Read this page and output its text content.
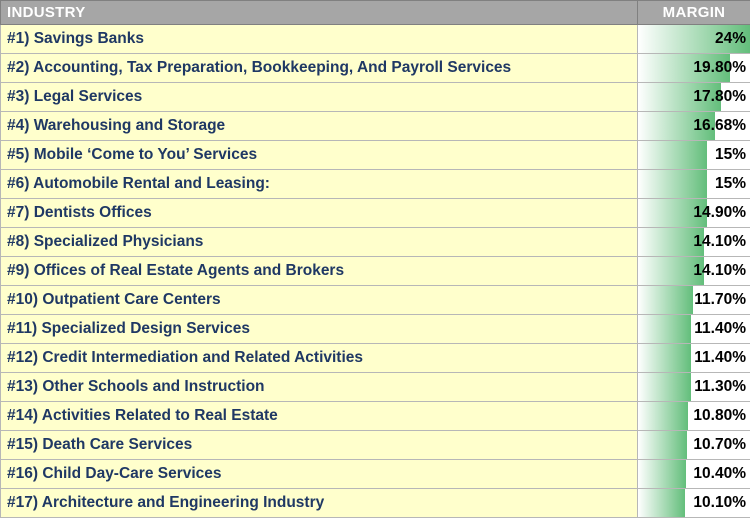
INDUSTRY	MARGIN
#1) Savings Banks	24 %

#2) Accounting, Tax Preparation, Bookkeeping, And Payroll Services	19.80 %

#3) Legal Services	17.80 %

#4) Warehousing and Storage	16.68 %

#5) Mobile ‘Come to You’ Services	15 %

#6) Automobile Rental and Leasing:	15 %

#7) Dentists Offices	14.90 %

#8) Specialized Physicians	14.10 %

#9) Offices of Real Estate Agents and Brokers	14.10 %

#10) Outpatient Care Centers	11.70 %

#11) Specialized Design Services	11.40 %

#12) Credit Intermediation and Related Activities	11.40 %

#13) Other Schools and Instruction	11.30 %

#14) Activities Related to Real Estate	10.80 %

#15) Death Care Services	10.70 %

#16) Child Day-Care Services	10.40 %

#17) Architecture and Engineering Industry	10.10 %
